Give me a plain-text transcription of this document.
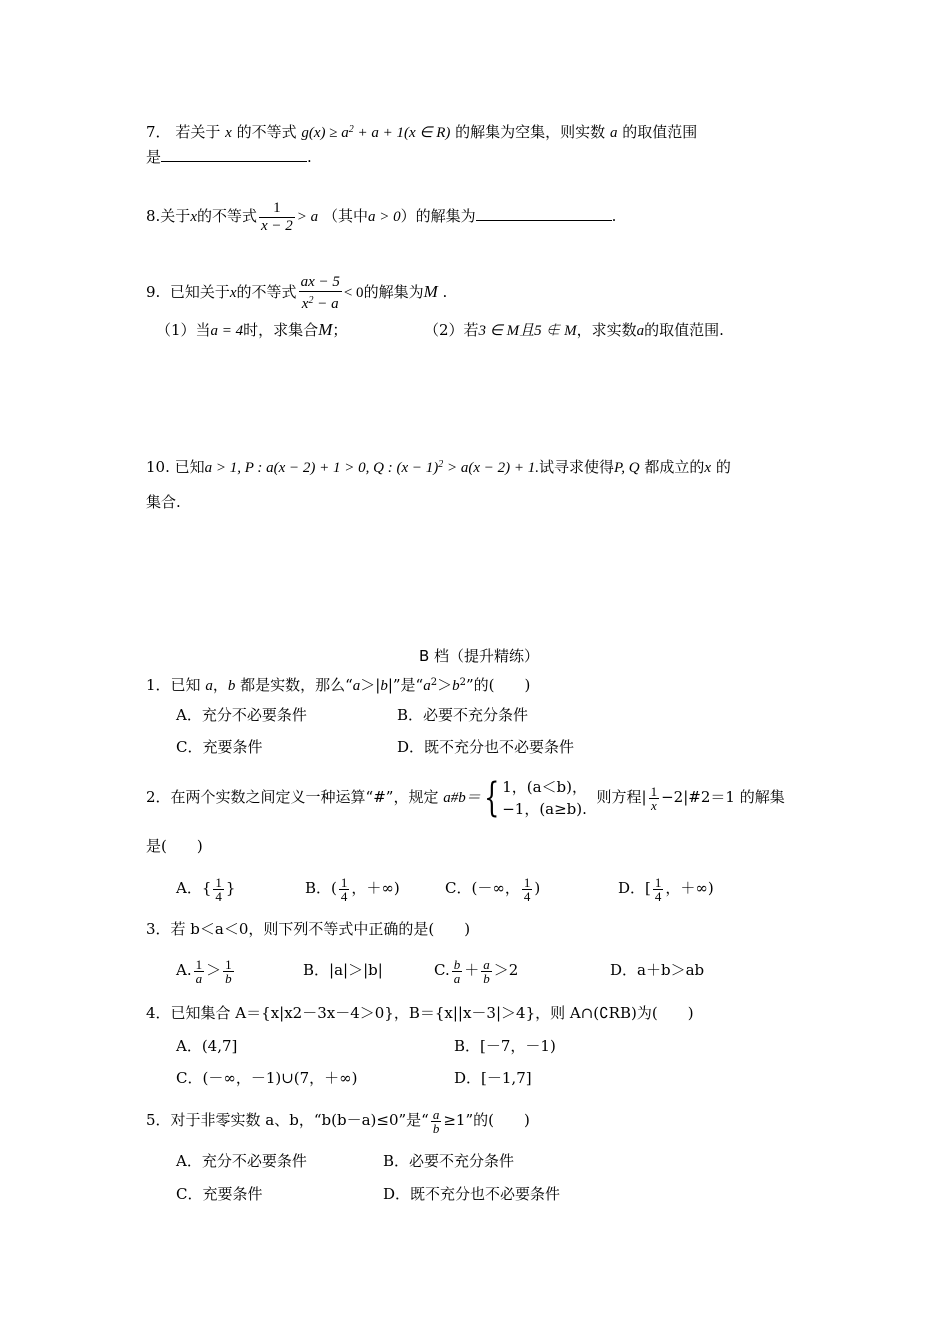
7． 若关于 x 的不等式 $g(x) \ge a^2 + a + 1(x$ ∈ R) 的解集为空集，则实数 a 的取值范围
是	.
8.关于x的不等式 $\frac{1}{x - 2} > a$ （其中a > 0）的解集为	.
9. 已知关于x的不等式 $\frac{ax - 5}{x^2 - a} < 0$的解集为M .
（1）当a = 4时，求集合M；	（2）若3 ∈ M且5 ∉ M，求实数a的取值范围.
10. 已知a > 1, P : a(x − 2) + 1 > 0, Q : $(x - 1)^2 > a(x - 2) + 1$.试寻求使得P, Q 都成立的x 的
集合.
B 档（提升精练）
1．已知 a，b 都是实数，那么“a＞|b|”是“$a^2>b^2$”的(　　)
A．充分不必要条件	B．必要不充分条件
C．充要条件	D．既不充分也不必要条件
2．在两个实数之间定义一种运算“#”，规定 a#b＝{ 1，(a＜b)，
−1，(a≥b).
则方程| $\frac{1}{x}$ −2|#2＝1 的解集
是(　　)
A．{ $\frac{1}{4}$ }	B．( $\frac{1}{4}$ ，＋∞)	C．(－∞， $\frac{1}{4}$ )	D．[ $\frac{1}{4}$ ，＋∞)
3．若 b＜a＜0，则下列不等式中正确的是(　　)
A. $\frac{1}{a} > \frac{1}{b}$	B．|a|＞|b|	C. $\frac{b}{a} + \frac{a}{b} >2$	D．a＋b＞ab
4．已知集合 A＝{x|x2－3x－4＞0}，B＝{x||x－3|＞4}，则 A∩(∁RB)为(　　)
A．(4,7]	B．[－7，－1)
C．(－∞，－1)∪(7，＋∞)	D．[－1,7]
5．对于非零实数 a、b，“b(b－a)≤0”是“ $\frac{a}{b} \ge 1$”的(　　)
A．充分不必要条件	B．必要不充分条件
C．充要条件	D．既不充分也不必要条件
